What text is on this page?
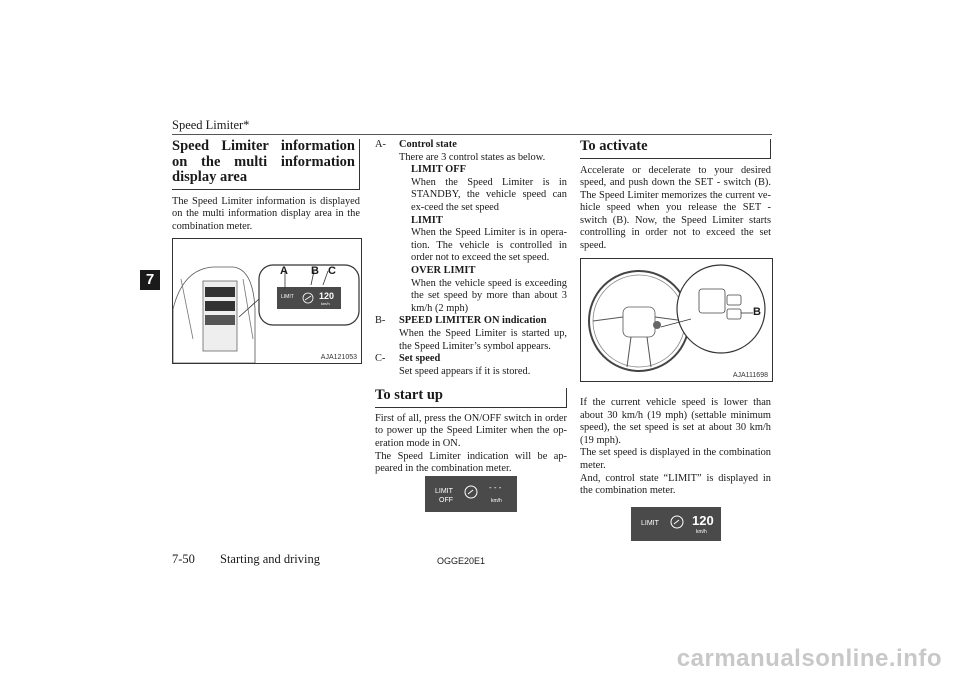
Speed Limiter*
7
Speed Limiter information on the multi information display area

The Speed Limiter information is displayed on the multi information display area in the combination meter.

A B C
LIMIT	120
km/h
AJA121053
A- Control state

There are 3 control states as below.

LIMIT OFF

When the Speed Limiter is in STANDBY, the vehicle speed can ex-ceed the set speed

LIMIT

When the Speed Limiter is in opera-tion. The vehicle is controlled in order not to exceed the set speed.

OVER LIMIT

When the vehicle speed is exceeding the set speed by more than about 3 km/h (2 mph)

B- SPEED LIMITER ON indication

When the Speed Limiter is started up, the Speed Limiter’s symbol appears.

C- Set speed

Set speed appears if it is stored.

To start up

First of all, press the ON/OFF switch in order to power up the Speed Limiter when the op-eration mode in ON.

The Speed Limiter indication will be ap-peared in the combination meter.

LIMIT
OFF
- - -
km/h
To activate

Accelerate or decelerate to your desired speed, and push down the SET - switch (B). The Speed Limiter memorizes the current ve-hicle speed when you release the SET - switch (B). Now, the Speed Limiter starts controlling in order not to exceed the set speed.

B
AJA111698

If the current vehicle speed is lower than about 30 km/h (19 mph) (settable minimum speed), the set speed is set at about 30 km/h (19 mph).

The set speed is displayed in the combination meter.

And, control state “LIMIT” is displayed in the combination meter.

LIMIT	120
km/h
7-50 Starting and driving	OGGE20E1
carmanualsonline.info
